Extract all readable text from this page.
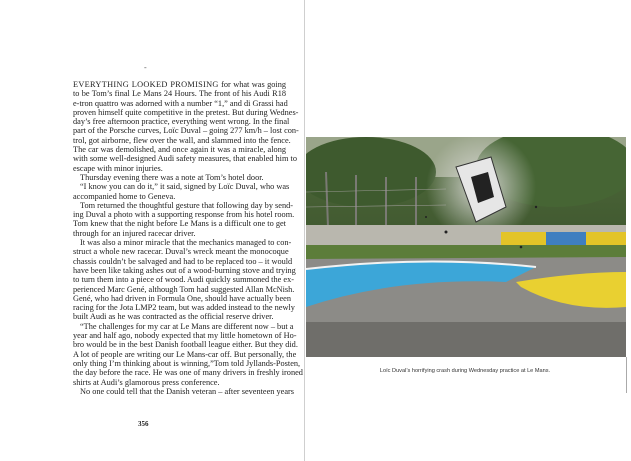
-
EVERYTHING LOOKED PROMISING for what was going
to be Tom’s final Le Mans 24 Hours. The front of his Audi R18
e-tron quattro was adorned with a number “1,” and di Grassi had
proven himself quite competitive in the pretest. But during Wednes-
day’s free afternoon practice, everything went wrong. In the final
part of the Porsche curves, Loïc Duval – going 277 km/h – lost con-
trol, got airborne, flew over the wall, and slammed into the fence.
The car was demolished, and once again it was a miracle, along
with some well-designed Audi safety measures, that enabled him to
escape with minor injuries.
Thursday evening there was a note at Tom’s hotel door.
“I know you can do it,” it said, signed by Loïc Duval, who was
accompanied home to Geneva.
Tom returned the thoughtful gesture that following day by send-
ing Duval a photo with a supporting response from his hotel room.
Tom knew that the night before Le Mans is a difficult one to get
through for an injured racecar driver.
It was also a minor miracle that the mechanics managed to con-
struct a whole new racecar. Duval’s wreck meant the monocoque
chassis couldn’t be salvaged and had to be replaced too – it would
have been like taking ashes out of a wood-burning stove and trying
to turn them into a piece of wood. Audi quickly summoned the ex-
perienced Marc Gené, although Tom had suggested Allan McNish.
Gené, who had driven in Formula One, should have actually been
racing for the Jota LMP2 team, but was added instead to the newly
built Audi as he was contracted as the official reserve driver.
“The challenges for my car at Le Mans are different now – but a
year and half ago, nobody expected that my little hometown of Ho-
bro would be in the best Danish football league either. But they did.
A lot of people are writing our Le Mans-car off. But personally, the
only thing I’m thinking about is winning,”Tom told Jyllands-Posten,
the day before the race. He was one of many drivers in freshly ironed
shirts at Audi’s glamorous press conference.
No one could tell that the Danish veteran – after seventeen years
356
Loïc Duval’s horrifying crash during Wednesday practice at Le Mans.
